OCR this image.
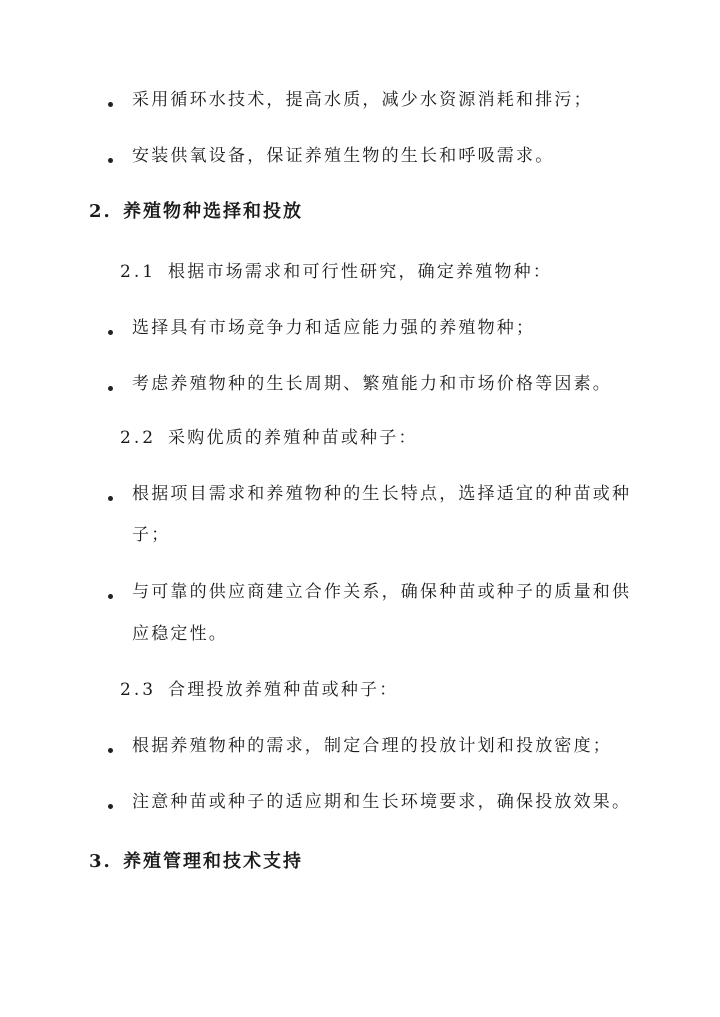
采用循环水技术，提高水质，减少水资源消耗和排污；
安装供氧设备，保证养殖生物的生长和呼吸需求。
2. 养殖物种选择和投放
2.1 根据市场需求和可行性研究，确定养殖物种：
选择具有市场竞争力和适应能力强的养殖物种；
考虑养殖物种的生长周期、繁殖能力和市场价格等因素。
2.2 采购优质的养殖种苗或种子：
根据项目需求和养殖物种的生长特点，选择适宜的种苗或种
子；
与可靠的供应商建立合作关系，确保种苗或种子的质量和供
应稳定性。
2.3 合理投放养殖种苗或种子：
根据养殖物种的需求，制定合理的投放计划和投放密度；
注意种苗或种子的适应期和生长环境要求，确保投放效果。
3. 养殖管理和技术支持
